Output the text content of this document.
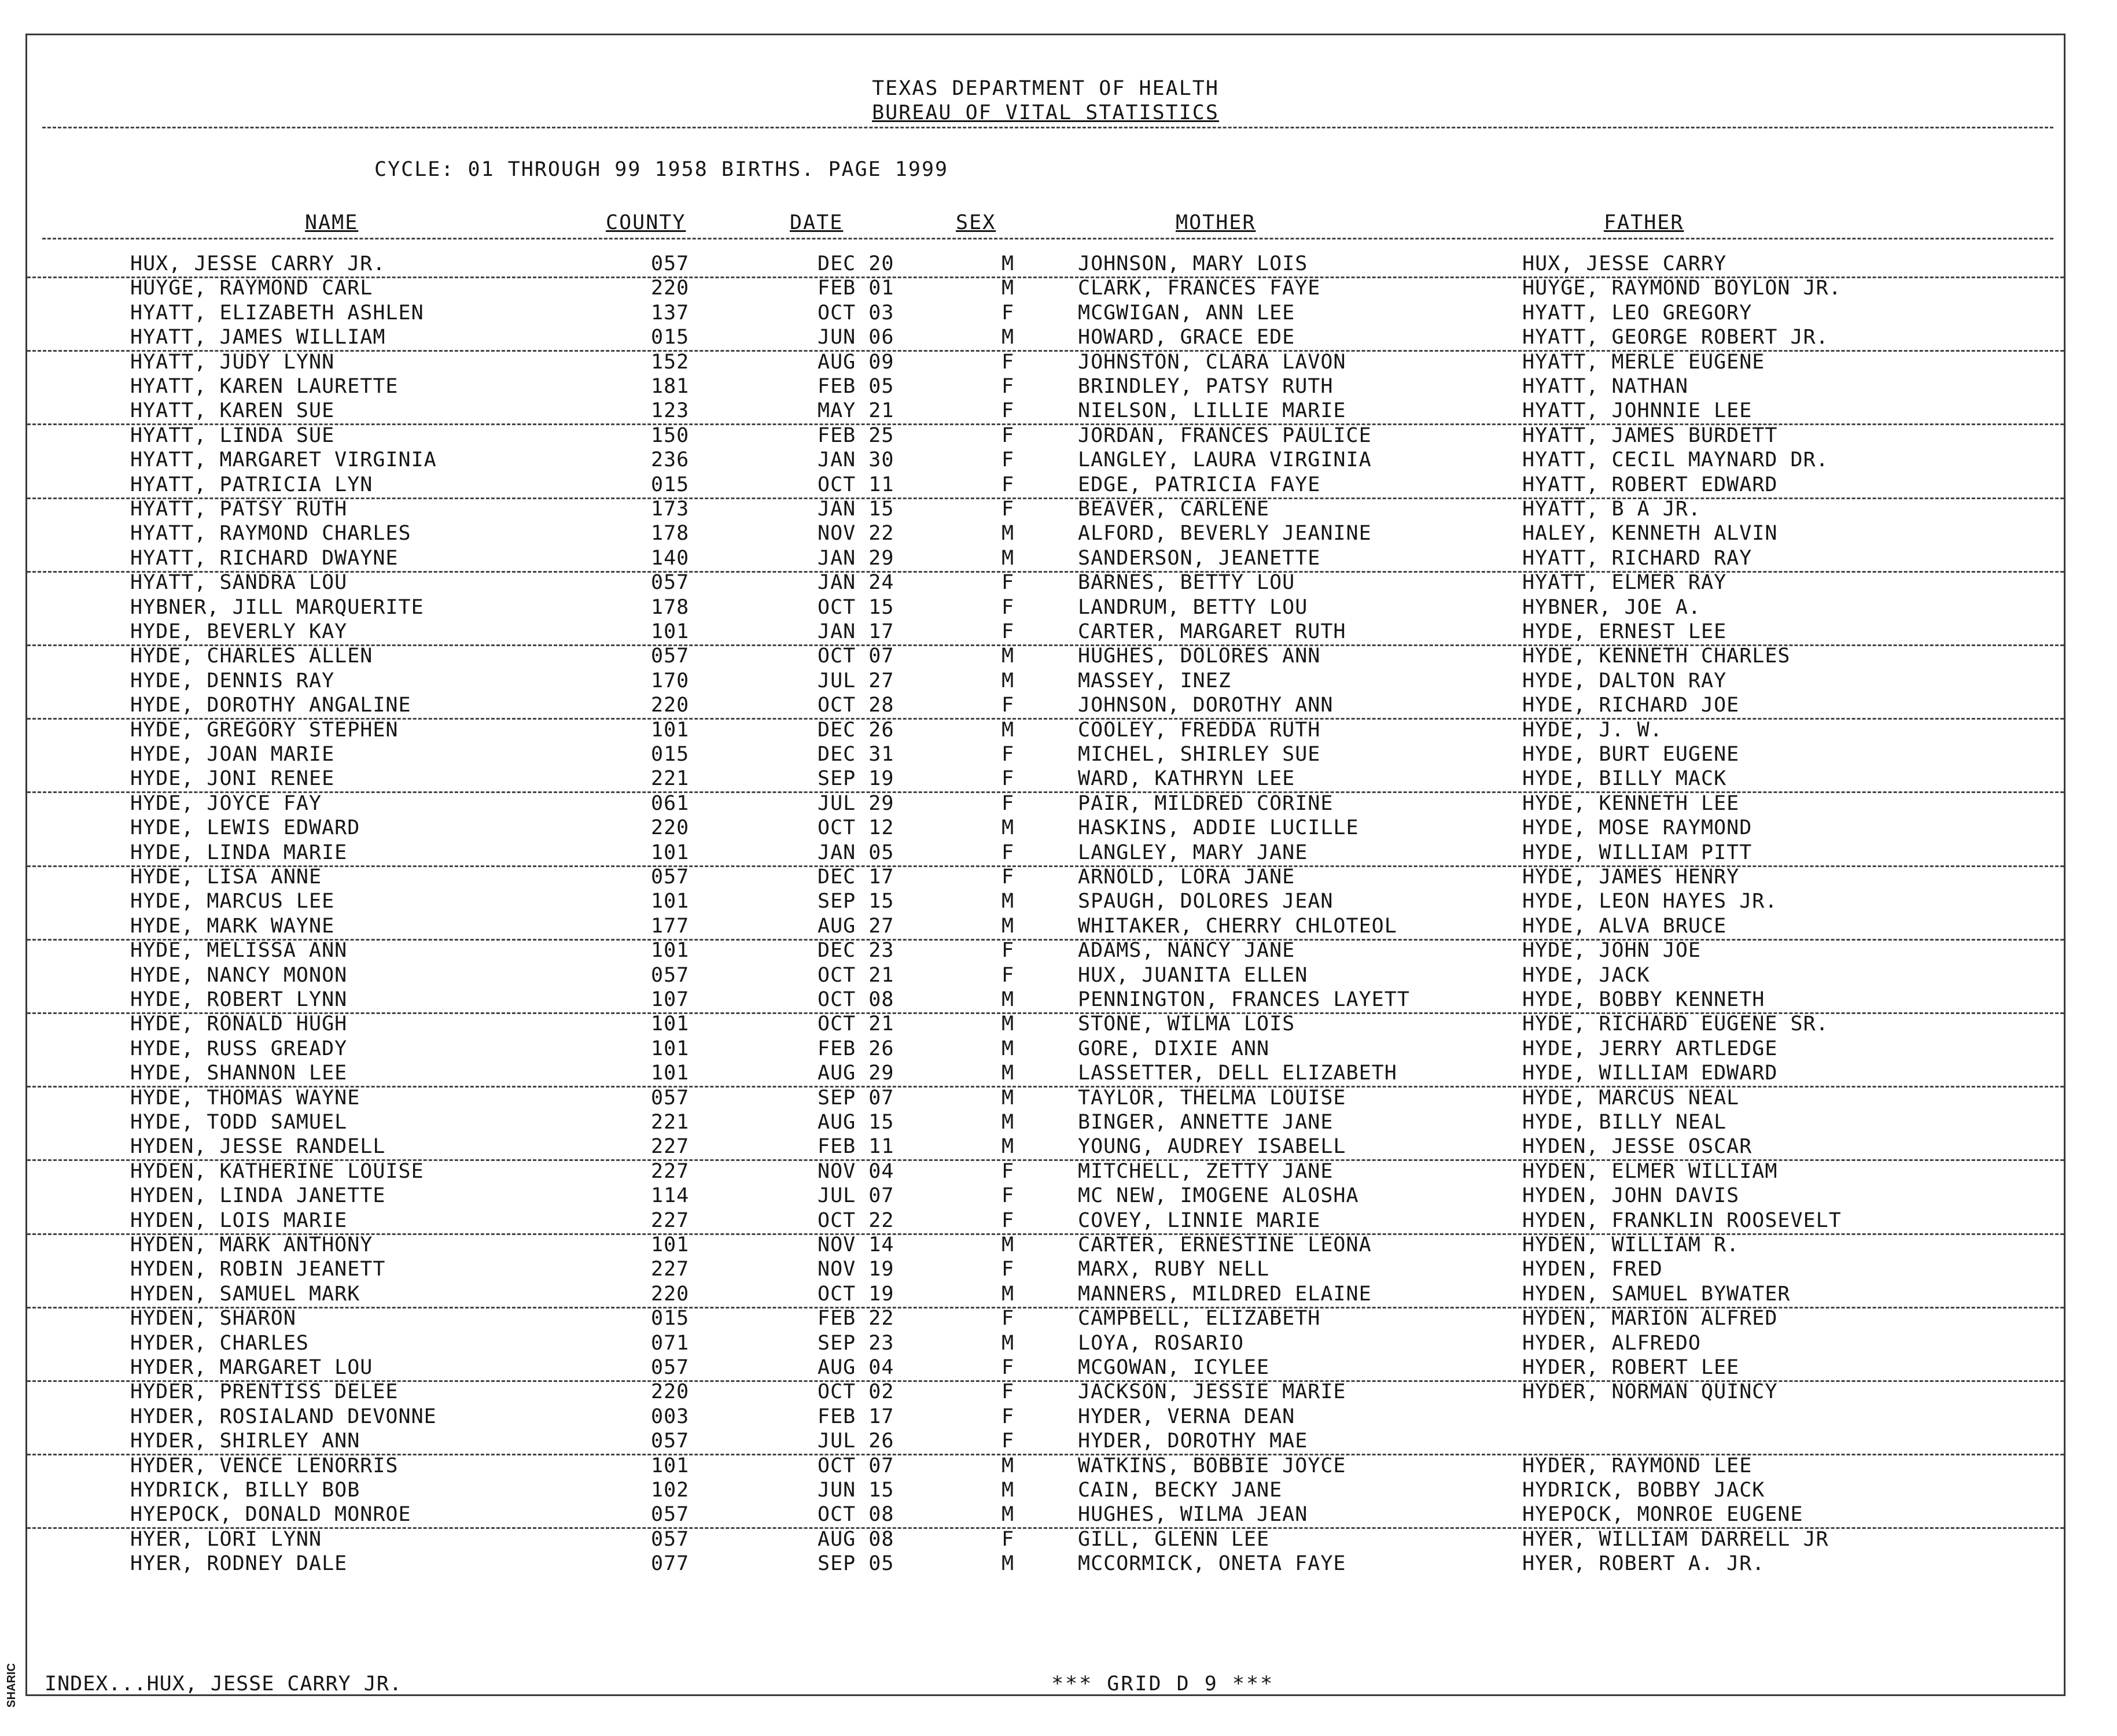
TEXAS DEPARTMENT OF HEALTH
BUREAU OF VITAL STATISTICS
CYCLE: 01 THROUGH 99 1958 BIRTHS. PAGE 1999
NAME	COUNTY	DATE	SEX	MOTHER	FATHER
HUX, JESSE CARRY JR.	057	DEC 20	M	JOHNSON, MARY LOIS	HUX, JESSE CARRY
HUYGE, RAYMOND CARL	220	FEB 01	M	CLARK, FRANCES FAYE	HUYGE, RAYMOND BOYLON JR.
HYATT, ELIZABETH ASHLEN	137	OCT 03	F	MCGWIGAN, ANN LEE	HYATT, LEO GREGORY
HYATT, JAMES WILLIAM	015	JUN 06	M	HOWARD, GRACE EDE	HYATT, GEORGE ROBERT JR.
HYATT, JUDY LYNN	152	AUG 09	F	JOHNSTON, CLARA LAVON	HYATT, MERLE EUGENE
HYATT, KAREN LAURETTE	181	FEB 05	F	BRINDLEY, PATSY RUTH	HYATT, NATHAN
HYATT, KAREN SUE	123	MAY 21	F	NIELSON, LILLIE MARIE	HYATT, JOHNNIE LEE
HYATT, LINDA SUE	150	FEB 25	F	JORDAN, FRANCES PAULICE	HYATT, JAMES BURDETT
HYATT, MARGARET VIRGINIA	236	JAN 30	F	LANGLEY, LAURA VIRGINIA	HYATT, CECIL MAYNARD DR.
HYATT, PATRICIA LYN	015	OCT 11	F	EDGE, PATRICIA FAYE	HYATT, ROBERT EDWARD
HYATT, PATSY RUTH	173	JAN 15	F	BEAVER, CARLENE	HYATT, B A JR.
HYATT, RAYMOND CHARLES	178	NOV 22	M	ALFORD, BEVERLY JEANINE	HALEY, KENNETH ALVIN
HYATT, RICHARD DWAYNE	140	JAN 29	M	SANDERSON, JEANETTE	HYATT, RICHARD RAY
HYATT, SANDRA LOU	057	JAN 24	F	BARNES, BETTY LOU	HYATT, ELMER RAY
HYBNER, JILL MARQUERITE	178	OCT 15	F	LANDRUM, BETTY LOU	HYBNER, JOE A.
HYDE, BEVERLY KAY	101	JAN 17	F	CARTER, MARGARET RUTH	HYDE, ERNEST LEE
HYDE, CHARLES ALLEN	057	OCT 07	M	HUGHES, DOLORES ANN	HYDE, KENNETH CHARLES
HYDE, DENNIS RAY	170	JUL 27	M	MASSEY, INEZ	HYDE, DALTON RAY
HYDE, DOROTHY ANGALINE	220	OCT 28	F	JOHNSON, DOROTHY ANN	HYDE, RICHARD JOE
HYDE, GREGORY STEPHEN	101	DEC 26	M	COOLEY, FREDDA RUTH	HYDE, J. W.
HYDE, JOAN MARIE	015	DEC 31	F	MICHEL, SHIRLEY SUE	HYDE, BURT EUGENE
HYDE, JONI RENEE	221	SEP 19	F	WARD, KATHRYN LEE	HYDE, BILLY MACK
HYDE, JOYCE FAY	061	JUL 29	F	PAIR, MILDRED CORINE	HYDE, KENNETH LEE
HYDE, LEWIS EDWARD	220	OCT 12	M	HASKINS, ADDIE LUCILLE	HYDE, MOSE RAYMOND
HYDE, LINDA MARIE	101	JAN 05	F	LANGLEY, MARY JANE	HYDE, WILLIAM PITT
HYDE, LISA ANNE	057	DEC 17	F	ARNOLD, LORA JANE	HYDE, JAMES HENRY
HYDE, MARCUS LEE	101	SEP 15	M	SPAUGH, DOLORES JEAN	HYDE, LEON HAYES JR.
HYDE, MARK WAYNE	177	AUG 27	M	WHITAKER, CHERRY CHLOTEOL	HYDE, ALVA BRUCE
HYDE, MELISSA ANN	101	DEC 23	F	ADAMS, NANCY JANE	HYDE, JOHN JOE
HYDE, NANCY MONON	057	OCT 21	F	HUX, JUANITA ELLEN	HYDE, JACK
HYDE, ROBERT LYNN	107	OCT 08	M	PENNINGTON, FRANCES LAYETT	HYDE, BOBBY KENNETH
HYDE, RONALD HUGH	101	OCT 21	M	STONE, WILMA LOIS	HYDE, RICHARD EUGENE SR.
HYDE, RUSS GREADY	101	FEB 26	M	GORE, DIXIE ANN	HYDE, JERRY ARTLEDGE
HYDE, SHANNON LEE	101	AUG 29	M	LASSETTER, DELL ELIZABETH	HYDE, WILLIAM EDWARD
HYDE, THOMAS WAYNE	057	SEP 07	M	TAYLOR, THELMA LOUISE	HYDE, MARCUS NEAL
HYDE, TODD SAMUEL	221	AUG 15	M	BINGER, ANNETTE JANE	HYDE, BILLY NEAL
HYDEN, JESSE RANDELL	227	FEB 11	M	YOUNG, AUDREY ISABELL	HYDEN, JESSE OSCAR
HYDEN, KATHERINE LOUISE	227	NOV 04	F	MITCHELL, ZETTY JANE	HYDEN, ELMER WILLIAM
HYDEN, LINDA JANETTE	114	JUL 07	F	MC NEW, IMOGENE ALOSHA	HYDEN, JOHN DAVIS
HYDEN, LOIS MARIE	227	OCT 22	F	COVEY, LINNIE MARIE	HYDEN, FRANKLIN ROOSEVELT
HYDEN, MARK ANTHONY	101	NOV 14	M	CARTER, ERNESTINE LEONA	HYDEN, WILLIAM R.
HYDEN, ROBIN JEANETT	227	NOV 19	F	MARX, RUBY NELL	HYDEN, FRED
HYDEN, SAMUEL MARK	220	OCT 19	M	MANNERS, MILDRED ELAINE	HYDEN, SAMUEL BYWATER
HYDEN, SHARON	015	FEB 22	F	CAMPBELL, ELIZABETH	HYDEN, MARION ALFRED
HYDER, CHARLES	071	SEP 23	M	LOYA, ROSARIO	HYDER, ALFREDO
HYDER, MARGARET LOU	057	AUG 04	F	MCGOWAN, ICYLEE	HYDER, ROBERT LEE
HYDER, PRENTISS DELEE	220	OCT 02	F	JACKSON, JESSIE MARIE	HYDER, NORMAN QUINCY
HYDER, ROSIALAND DEVONNE	003	FEB 17	F	HYDER, VERNA DEAN
HYDER, SHIRLEY ANN	057	JUL 26	F	HYDER, DOROTHY MAE
HYDER, VENCE LENORRIS	101	OCT 07	M	WATKINS, BOBBIE JOYCE	HYDER, RAYMOND LEE
HYDRICK, BILLY BOB	102	JUN 15	M	CAIN, BECKY JANE	HYDRICK, BOBBY JACK
HYEPOCK, DONALD MONROE	057	OCT 08	M	HUGHES, WILMA JEAN	HYEPOCK, MONROE EUGENE
HYER, LORI LYNN	057	AUG 08	F	GILL, GLENN LEE	HYER, WILLIAM DARRELL JR
HYER, RODNEY DALE	077	SEP 05	M	MCCORMICK, ONETA FAYE	HYER, ROBERT A. JR.
INDEX...HUX, JESSE CARRY JR.	*** GRID D 9 ***
SHARIC
